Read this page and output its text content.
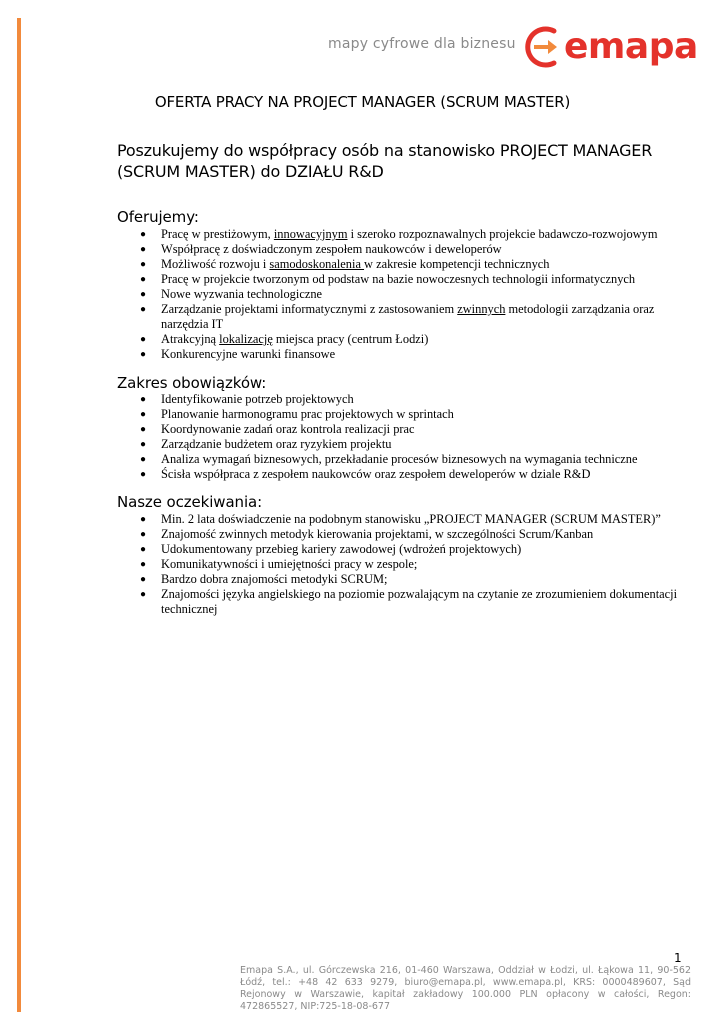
mapy cyfrowe dla biznesu emapa
OFERTA PRACY NA PROJECT MANAGER (SCRUM MASTER)
Poszukujemy do współpracy osób na stanowisko PROJECT MANAGER (SCRUM MASTER) do DZIAŁU R&D
Oferujemy:
● Pracę w prestiżowym, innowacyjnym i szeroko rozpoznawalnych projekcie badawczo-rozwojowym
● Współpracę z doświadczonym zespołem naukowców i deweloperów
● Możliwość rozwoju i samodoskonalenia w zakresie kompetencji technicznych
● Pracę w projekcie tworzonym od podstaw na bazie nowoczesnych technologii informatycznych
● Nowe wyzwania technologiczne
● Zarządzanie projektami informatycznymi z zastosowaniem zwinnych metodologii zarządzania oraz narzędzia IT
● Atrakcyjną lokalizację miejsca pracy (centrum Łodzi)
● Konkurencyjne warunki finansowe
Zakres obowiązków:
● Identyfikowanie potrzeb projektowych
● Planowanie harmonogramu prac projektowych w sprintach
● Koordynowanie zadań oraz kontrola realizacji prac
● Zarządzanie budżetem oraz ryzykiem projektu
● Analiza wymagań biznesowych, przekładanie procesów biznesowych na wymagania techniczne
● Ścisła współpraca z zespołem naukowców oraz zespołem deweloperów w dziale R&D
Nasze oczekiwania:
● Min. 2 lata doświadczenie na podobnym stanowisku „PROJECT MANAGER (SCRUM MASTER)”
● Znajomość zwinnych metodyk kierowania projektami, w szczególności Scrum/Kanban
● Udokumentowany przebieg kariery zawodowej (wdrożeń projektowych)
● Komunikatywności i umiejętności pracy w zespole;
● Bardzo dobra znajomości metodyki SCRUM;
● Znajomości języka angielskiego na poziomie pozwalającym na czytanie ze zrozumieniem dokumentacji technicznej
1
Emapa S.A., ul. Górczewska 216, 01-460 Warszawa, Oddział w Łodzi, ul. Łąkowa 11, 90-562 Łódź, tel.: +48 42 633 9279, biuro@emapa.pl, www.emapa.pl, KRS: 0000489607, Sąd Rejonowy w Warszawie, kapitał zakładowy 100.000 PLN opłacony w całości, Regon: 472865527, NIP:725-18-08-677
